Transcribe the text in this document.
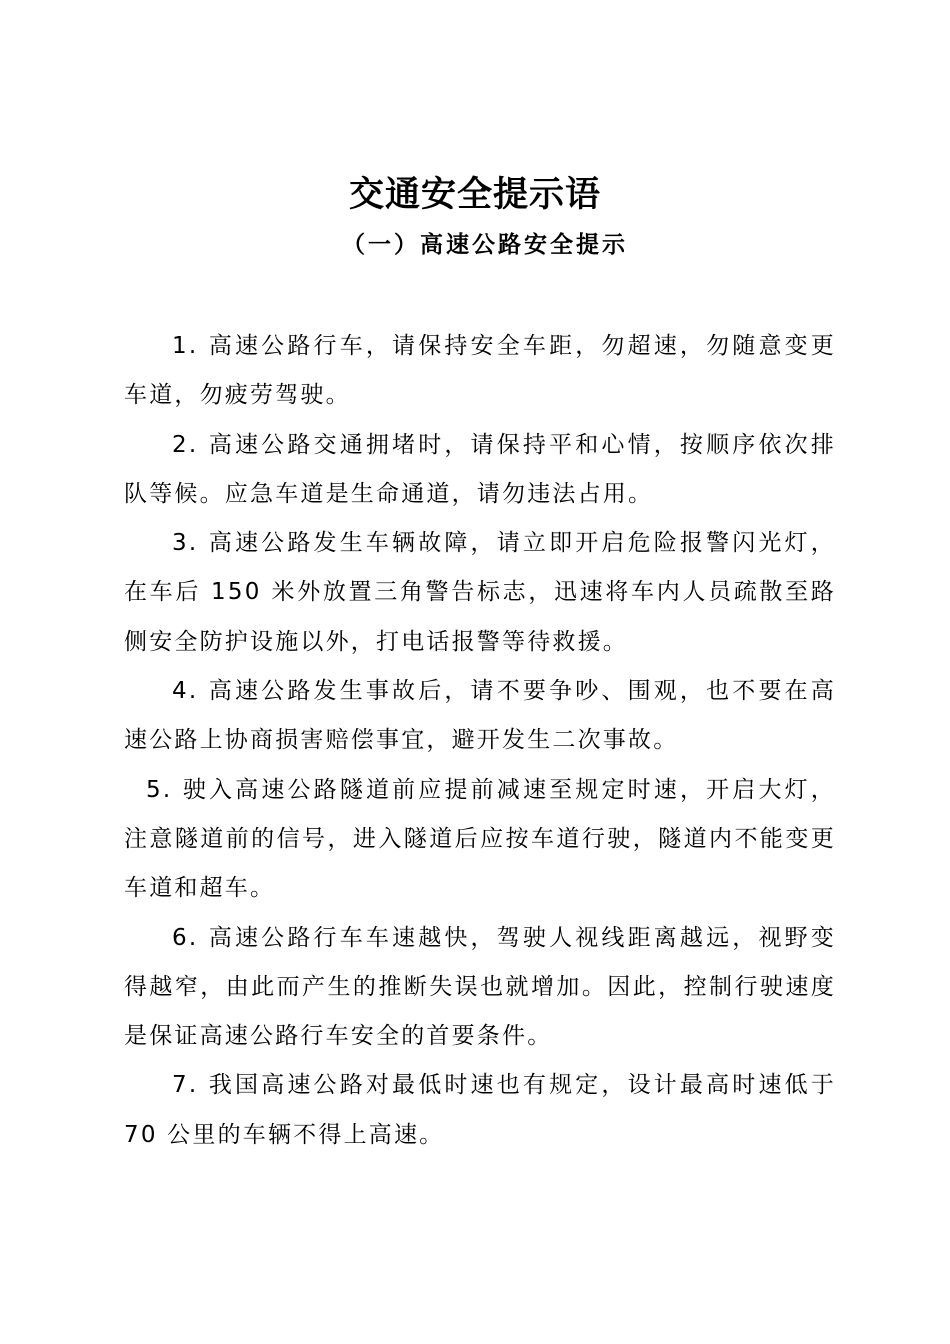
交通安全提示语
（一）高速公路安全提示

1. 高速公路行车，请保持安全车距，勿超速，勿随意变更车道，勿疲劳驾驶。

2. 高速公路交通拥堵时，请保持平和心情，按顺序依次排队等候。应急车道是生命通道，请勿违法占用。

3. 高速公路发生车辆故障，请立即开启危险报警闪光灯，在车后 150 米外放置三角警告标志，迅速将车内人员疏散至路侧安全防护设施以外，打电话报警等待救援。

4. 高速公路发生事故后，请不要争吵、围观，也不要在高速公路上协商损害赔偿事宜，避开发生二次事故。

5. 驶入高速公路隧道前应提前减速至规定时速，开启大灯，注意隧道前的信号，进入隧道后应按车道行驶，隧道内不能变更车道和超车。

6. 高速公路行车车速越快，驾驶人视线距离越远，视野变得越窄，由此而产生的推断失误也就增加。因此，控制行驶速度是保证高速公路行车安全的首要条件。

7. 我国高速公路对最低时速也有规定，设计最高时速低于 70 公里的车辆不得上高速。
